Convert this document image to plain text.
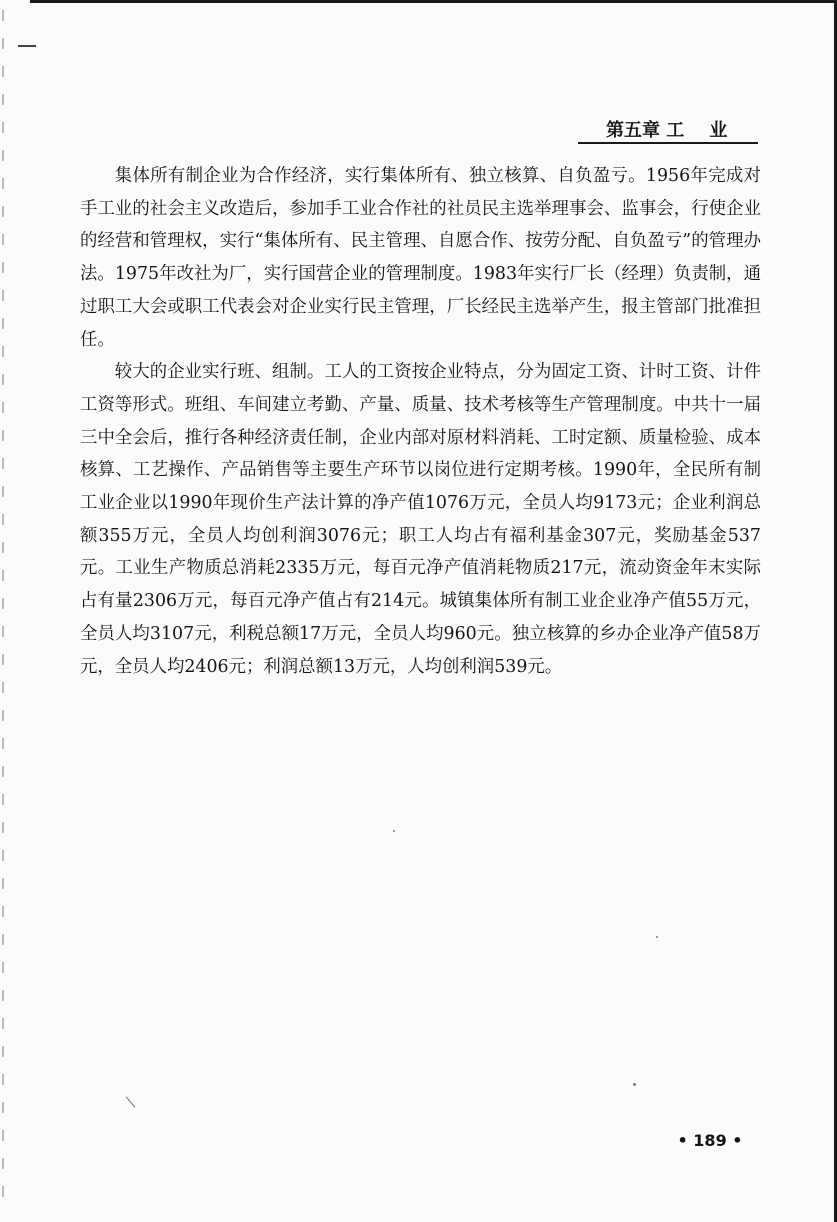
第五章 工    业

集体所有制企业为合作经济，实行集体所有、独立核算、自负盈亏。1956年完成对手工业的社会主义改造后，参加手工业合作社的社员民主选举理事会、监事会，行使企业的经营和管理权，实行“集体所有、民主管理、自愿合作、按劳分配、自负盈亏”的管理办法。1975年改社为厂，实行国营企业的管理制度。1983年实行厂长（经理）负责制，通过职工大会或职工代表会对企业实行民主管理，厂长经民主选举产生，报主管部门批准担任。

较大的企业实行班、组制。工人的工资按企业特点，分为固定工资、计时工资、计件工资等形式。班组、车间建立考勤、产量、质量、技术考核等生产管理制度。中共十一届三中全会后，推行各种经济责任制，企业内部对原材料消耗、工时定额、质量检验、成本核算、工艺操作、产品销售等主要生产环节以岗位进行定期考核。1990年，全民所有制工业企业以1990年现价生产法计算的净产值1076万元，全员人均9173元；企业利润总额355万元，全员人均创利润3076元；职工人均占有福利基金307元，奖励基金537元。工业生产物质总消耗2335万元，每百元净产值消耗物质217元，流动资金年末实际占有量2306万元，每百元净产值占有214元。城镇集体所有制工业企业净产值55万元，全员人均3107元，利税总额17万元，全员人均960元。独立核算的乡办企业净产值58万元，全员人均2406元；利润总额13万元，人均创利润539元。

• 189 •
